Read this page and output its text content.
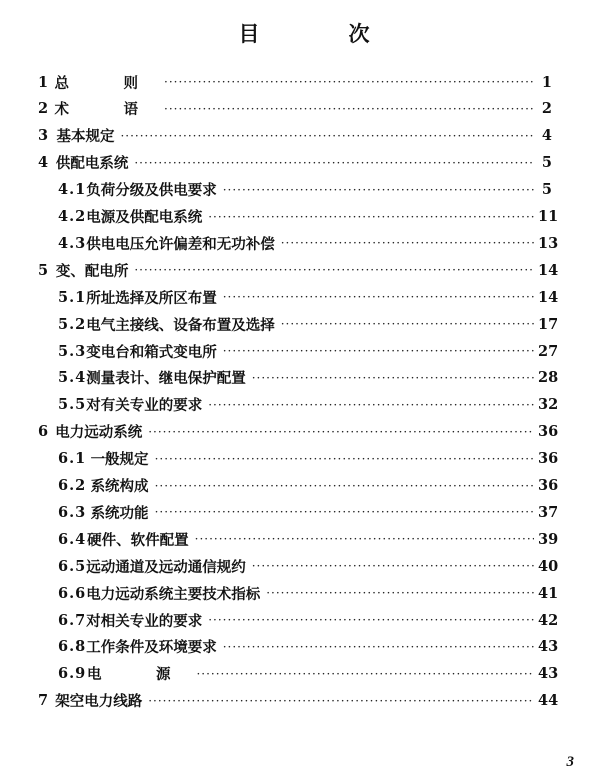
目　次
1 总　则 ·····	1
2 术　语 ·····	2
3 基本规定 ·····	4
4 供配电系统 ·····	5
4.1 负荷分级及供电要求 ·····	5
4.2 电源及供配电系统 ·····	11
4.3 供电电压允许偏差和无功补偿 ·····	13
5 变、配电所 ·····	14
5.1 所址选择及所区布置 ·····	14
5.2 电气主接线、设备布置及选择 ·····	17
5.3 变电台和箱式变电所 ·····	27
5.4 测量表计、继电保护配置 ·····	28
5.5 对有关专业的要求 ·····	32
6 电力远动系统 ·····	36
6.1 一般规定 ·····	36
6.2 系统构成 ·····	36
6.3 系统功能 ·····	37
6.4 硬件、软件配置 ·····	39
6.5 远动通道及远动通信规约 ·····	40
6.6 电力远动系统主要技术指标 ·····	41
6.7 对相关专业的要求 ·····	42
6.8 工作条件及环境要求 ·····	43
6.9 电　源 ·····	43
7 架空电力线路 ·····	44
3
